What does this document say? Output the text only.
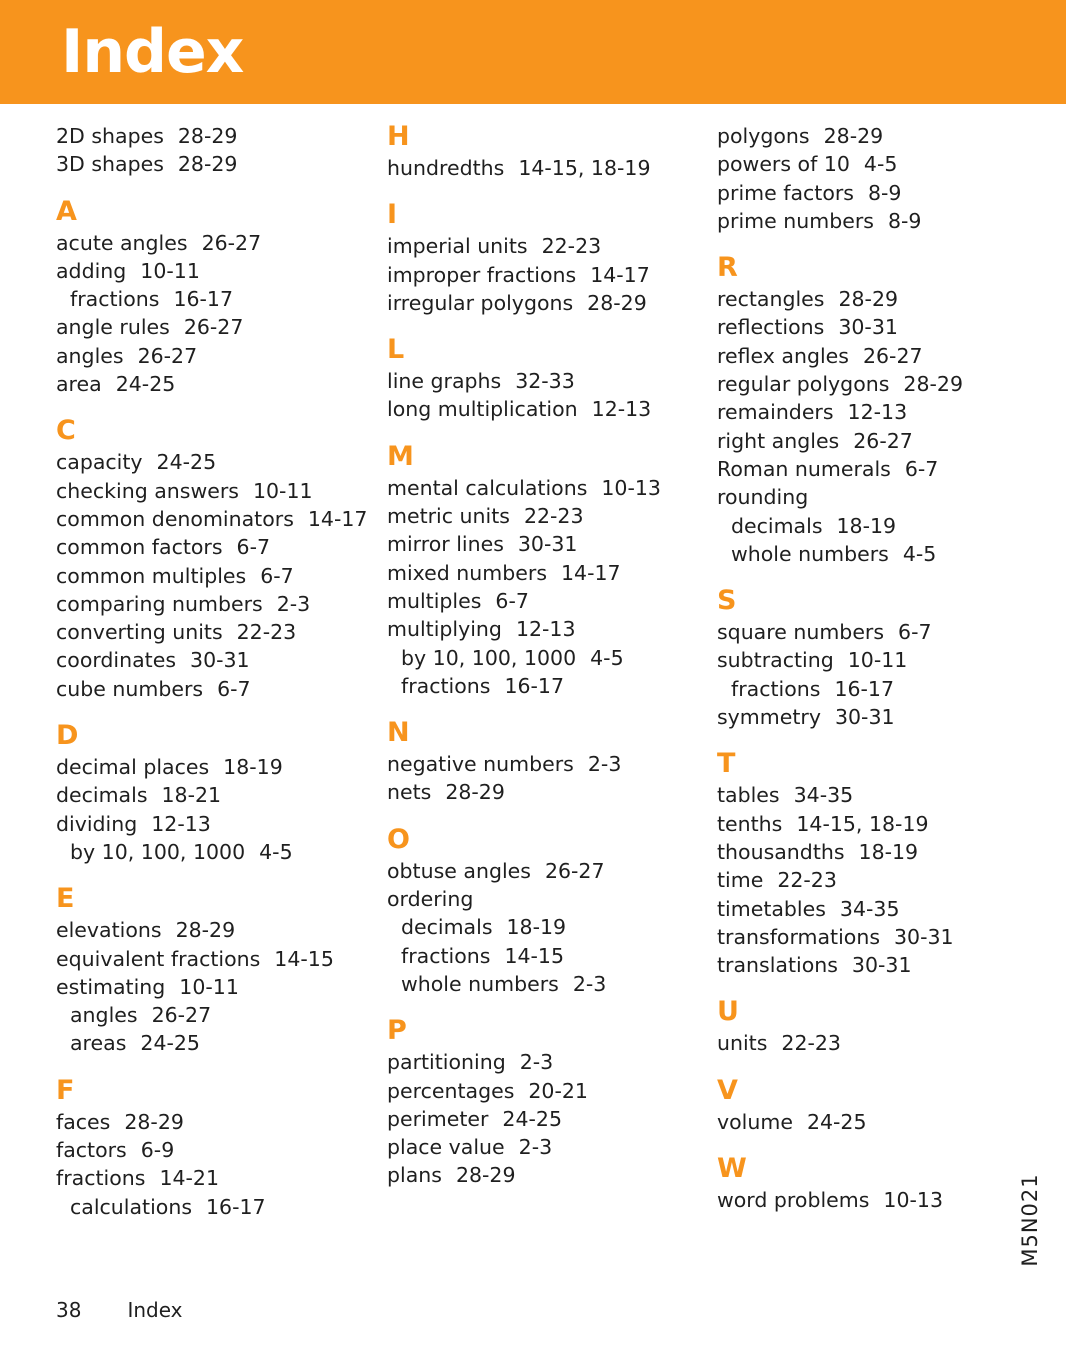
Index
2D shapes 28-29
3D shapes 28-29
A
acute angles 26-27
adding 10-11
fractions 16-17
angle rules 26-27
angles 26-27
area 24-25
C
capacity 24-25
checking answers 10-11
common denominators 14-17
common factors 6-7
common multiples 6-7
comparing numbers 2-3
converting units 22-23
coordinates 30-31
cube numbers 6-7
D
decimal places 18-19
decimals 18-21
dividing 12-13
by 10, 100, 1000 4-5
E
elevations 28-29
equivalent fractions 14-15
estimating 10-11
angles 26-27
areas 24-25
F
faces 28-29
factors 6-9
fractions 14-21
calculations 16-17
H
hundredths 14-15, 18-19
I
imperial units 22-23
improper fractions 14-17
irregular polygons 28-29
L
line graphs 32-33
long multiplication 12-13
M
mental calculations 10-13
metric units 22-23
mirror lines 30-31
mixed numbers 14-17
multiples 6-7
multiplying 12-13
by 10, 100, 1000 4-5
fractions 16-17
N
negative numbers 2-3
nets 28-29
O
obtuse angles 26-27
ordering
decimals 18-19
fractions 14-15
whole numbers 2-3
P
partitioning 2-3
percentages 20-21
perimeter 24-25
place value 2-3
plans 28-29
polygons 28-29
powers of 10 4-5
prime factors 8-9
prime numbers 8-9
R
rectangles 28-29
reflections 30-31
reflex angles 26-27
regular polygons 28-29
remainders 12-13
right angles 26-27
Roman numerals 6-7
rounding
decimals 18-19
whole numbers 4-5
S
square numbers 6-7
subtracting 10-11
fractions 16-17
symmetry 30-31
T
tables 34-35
tenths 14-15, 18-19
thousandths 18-19
time 22-23
timetables 34-35
transformations 30-31
translations 30-31
U
units 22-23
V
volume 24-25
W
word problems 10-13
38 Index
M5N021
